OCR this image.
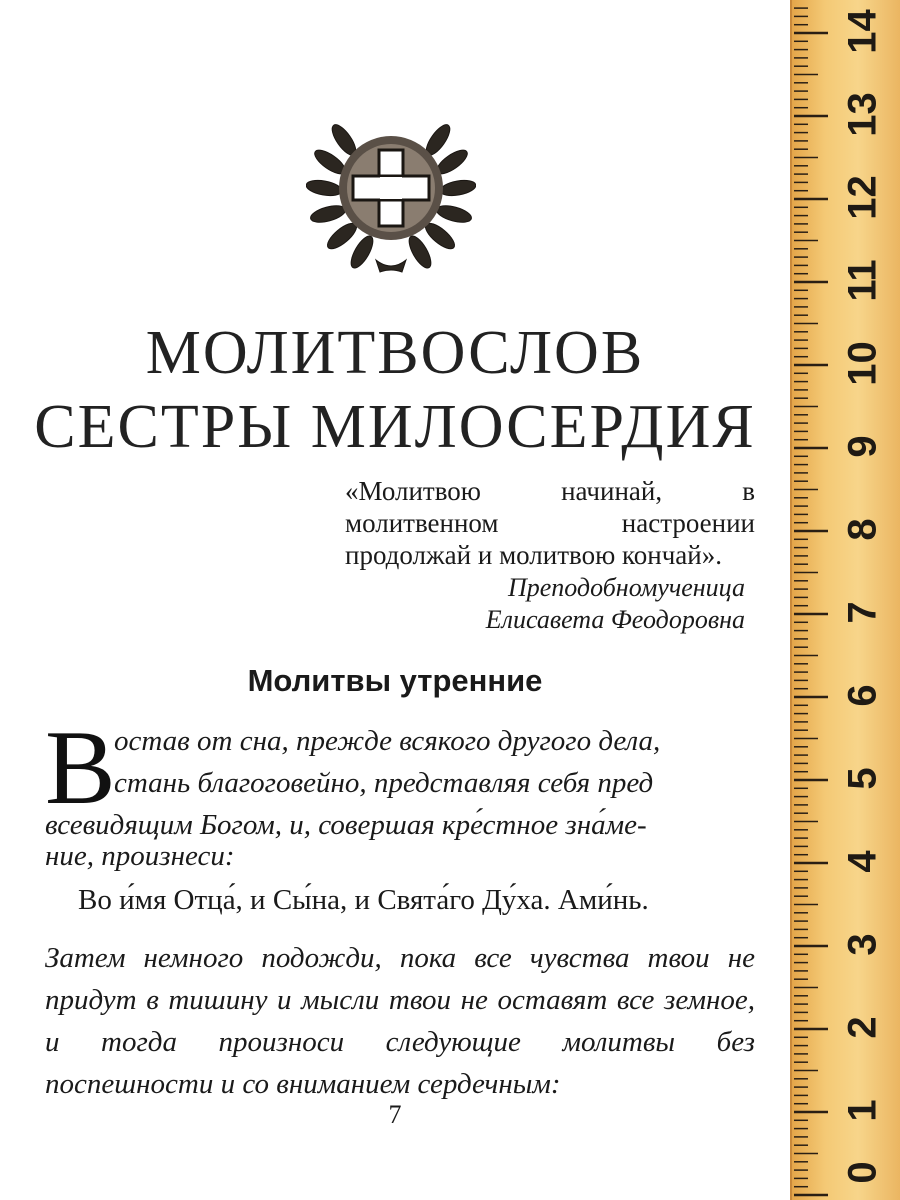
МОЛИТВОСЛОВ
СЕСТРЫ МИЛОСЕРДИЯ
«Молитвою начинай, в молитвенном настроении продолжай и молитвою кончай».
Преподобномученица
Елисавета Феодоровна
Молитвы утренние
В
остав от сна, прежде всякого другого дела,
стань благоговейно, представляя себя пред
всевидящим Богом, и, совершая кре́стное зна́ме-
ние, произнеси:
Во и́мя Отца́, и Сы́на, и Свята́го Ду́ха. Ами́нь.
Затем немного подожди, пока все чувства твои не придут в тишину и мысли твои не оставят все земное, и тогда произноси следующие молитвы без поспешности и со вниманием сердечным:
7
14
13
12
11
10
9
8
7
6
5
4
3
2
1
0
